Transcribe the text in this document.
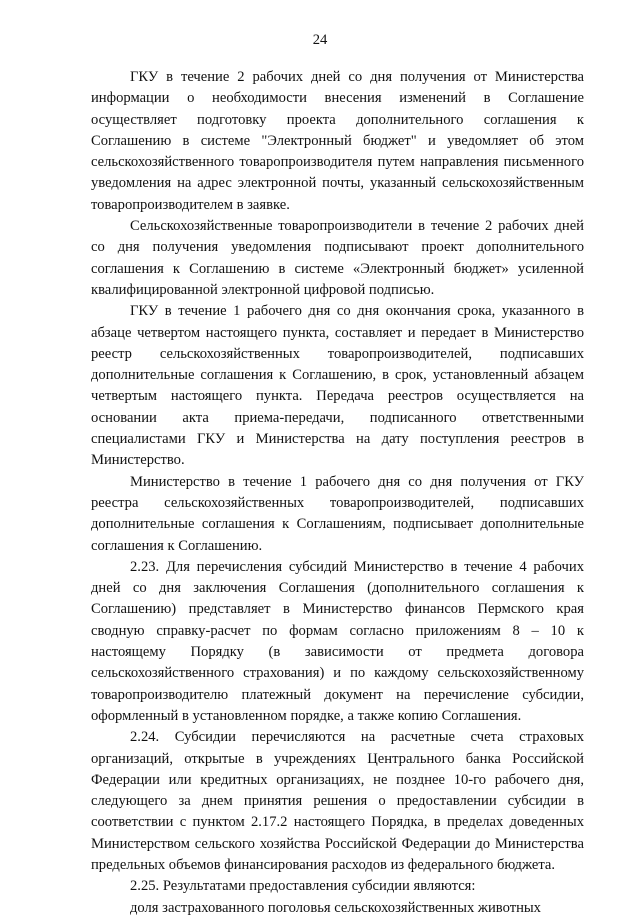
24

ГКУ в течение 2 рабочих дней со дня получения от Министерства информации о необходимости внесения изменений в Соглашение осуществляет подготовку проекта дополнительного соглашения к Соглашению в системе "Электронный бюджет" и уведомляет об этом сельскохозяйственного товаропроизводителя путем направления письменного уведомления на адрес электронной почты, указанный сельскохозяйственным товаропроизводителем в заявке.

Сельскохозяйственные товаропроизводители в течение 2 рабочих дней со дня получения уведомления подписывают проект дополнительного соглашения к Соглашению в системе «Электронный бюджет» усиленной квалифицированной электронной цифровой подписью.

ГКУ в течение 1 рабочего дня со дня окончания срока, указанного в абзаце четвертом настоящего пункта, составляет и передает в Министерство реестр сельскохозяйственных товаропроизводителей, подписавших дополнительные соглашения к Соглашению, в срок, установленный абзацем четвертым настоящего пункта. Передача реестров осуществляется на основании акта приема-передачи, подписанного ответственными специалистами ГКУ и Министерства на дату поступления реестров в Министерство.

Министерство в течение 1 рабочего дня со дня получения от ГКУ реестра сельскохозяйственных товаропроизводителей, подписавших дополнительные соглашения к Соглашениям, подписывает дополнительные соглашения к Соглашению.

2.23. Для перечисления субсидий Министерство в течение 4 рабочих дней со дня заключения Соглашения (дополнительного соглашения к Соглашению) представляет в Министерство финансов Пермского края сводную справку-расчет по формам согласно приложениям 8 – 10 к настоящему Порядку (в зависимости от предмета договора сельскохозяйственного страхования) и по каждому сельскохозяйственному товаропроизводителю платежный документ на перечисление субсидии, оформленный в установленном порядке, а также копию Соглашения.

2.24. Субсидии перечисляются на расчетные счета страховых организаций, открытые в учреждениях Центрального банка Российской Федерации или кредитных организациях, не позднее 10-го рабочего дня, следующего за днем принятия решения о предоставлении субсидии в соответствии с пунктом 2.17.2 настоящего Порядка, в пределах доведенных Министерством сельского хозяйства Российской Федерации до Министерства предельных объемов финансирования расходов из федерального бюджета.

2.25. Результатами предоставления субсидии являются:

доля застрахованного поголовья сельскохозяйственных животных
